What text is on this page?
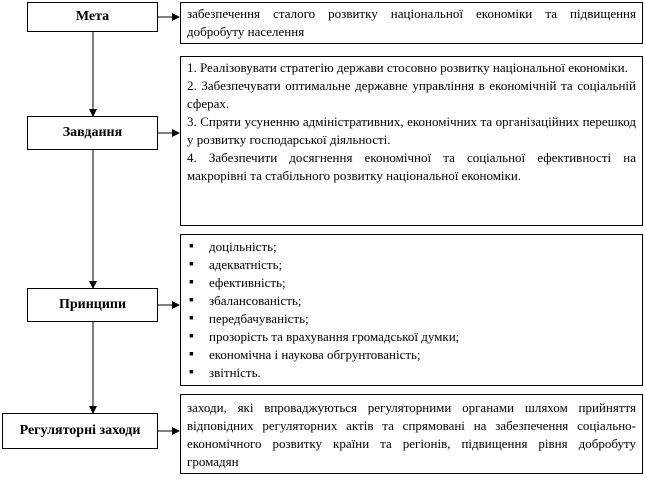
Мета
Завдання
Принципи
Регуляторні заходи

забезпечення сталого розвитку національної економіки та підвищення добробуту населення

1. Реалізовувати стратегію держави стосовно розвитку національної економіки.

2. Забезпечувати оптимальне державне управління в економічній та соціальній сферах.

3. Спряти усуненню адміністративних, економічних та організаційних перешкод у розвитку господарської діяльності.

4. Забезпечити досягнення економічної та соціальної ефективності на макрорівні та стабільного розвитку національної економіки.

▪ доцільність;
▪ адекватність;
▪ ефективність;
▪ збалансованість;
▪ передбачуваність;
▪ прозорість та врахування громадської думки;
▪ економічна і наукова обгрунтованість;
▪ звітність.

заходи, які впроваджуються регуляторними органами шляхом прийняття відповідних регуляторних актів та спрямовані на забезпечення соціально-економічного розвитку країни та регіонів, підвищення рівня добробуту громадян
